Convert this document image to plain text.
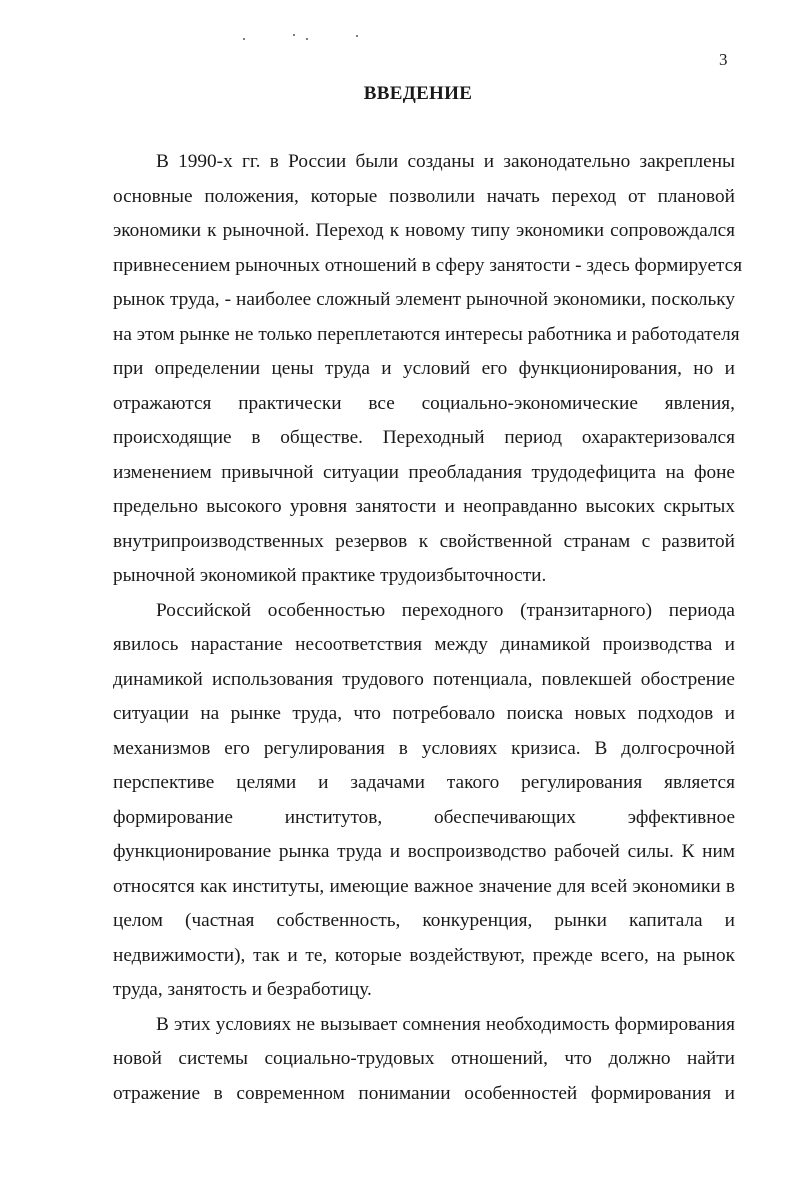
3
ВВЕДЕНИЕ
В 1990-х гг. в России были созданы и законодательно закреплены
основные положения, которые позволили начать переход от плановой
экономики к рыночной. Переход к новому типу экономики сопровождался
привнесением рыночных отношений в сферу занятости - здесь формируется
рынок труда, - наиболее сложный элемент рыночной экономики, поскольку
на этом рынке не только переплетаются интересы работника и работодателя
при определении цены труда и условий его функционирования, но и
отражаются практически все социально-экономические явления,
происходящие в обществе. Переходный период охарактеризовался
изменением привычной ситуации преобладания трудодефицита на фоне
предельно высокого уровня занятости и неоправданно высоких скрытых
внутрипроизводственных резервов к свойственной странам с развитой
рыночной экономикой практике трудоизбыточности.
Российской особенностью переходного (транзитарного) периода
явилось нарастание несоответствия между динамикой производства и
динамикой использования трудового потенциала, повлекшей обострение
ситуации на рынке труда, что потребовало поиска новых подходов и
механизмов его регулирования в условиях кризиса. В долгосрочной
перспективе целями и задачами такого регулирования является
формирование институтов, обеспечивающих эффективное
функционирование рынка труда и воспроизводство рабочей силы. К ним
относятся как институты, имеющие важное значение для всей экономики в
целом (частная собственность, конкуренция, рынки капитала и
недвижимости), так и те, которые воздействуют, прежде всего, на рынок
труда, занятость и безработицу.
В этих условиях не вызывает сомнения необходимость формирования
новой системы социально-трудовых отношений, что должно найти
отражение в современном понимании особенностей формирования и
